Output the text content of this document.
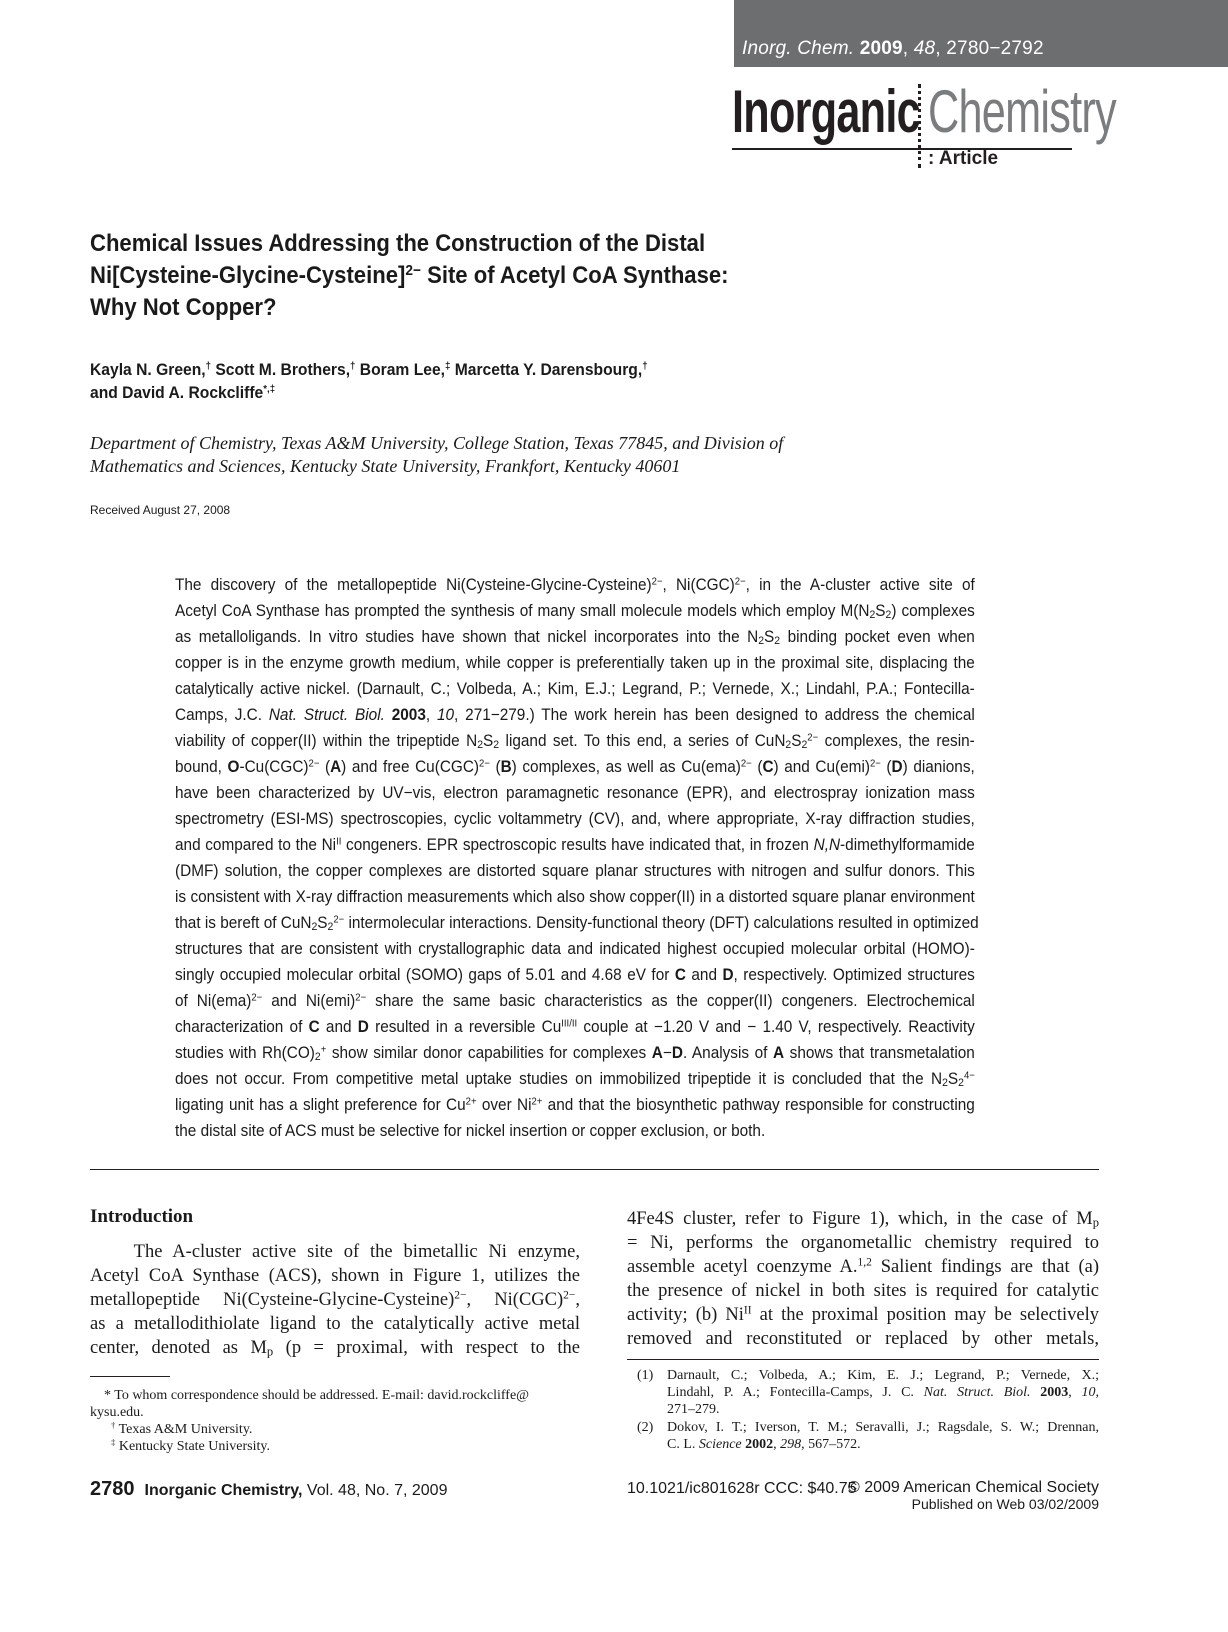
Inorg. Chem. 2009, 48, 2780−2792
Inorganic Chemistry
: Article
Chemical Issues Addressing the Construction of the Distal
Ni[Cysteine-Glycine-Cysteine]$^{2-}$ Site of Acetyl CoA Synthase:
Why Not Copper?
Kayla N. Green,† Scott M. Brothers,† Boram Lee,‡ Marcetta Y. Darensbourg,†
and David A. Rockcliffe*,‡
Department of Chemistry, Texas A&M University, College Station, Texas 77845, and Division of
Mathematics and Sciences, Kentucky State University, Frankfort, Kentucky 40601
Received August 27, 2008
The discovery of the metallopeptide Ni(Cysteine-Glycine-Cysteine)$^{2-}$, Ni(CGC)$^{2-}$, in the A-cluster active site of
Acetyl CoA Synthase has prompted the synthesis of many small molecule models which employ $M(N_2S_2)$ complexes
as metalloligands. In vitro studies have shown that nickel incorporates into the $N_2S_2$ binding pocket even when
copper is in the enzyme growth medium, while copper is preferentially taken up in the proximal site, displacing the
catalytically active nickel. (Darnault, C.; Volbeda, A.; Kim, E.J.; Legrand, P.; Vernede, X.; Lindahl, P.A.; Fontecilla-
Camps, J.C. Nat. Struct. Biol. 2003, 10, 271−279.) The work herein has been designed to address the chemical
viability of copper(II) within the tripeptide $N_2S_2$ ligand set. To this end, a series of $CuN_2S_2^{2-}$ complexes, the resin-
bound, O-Cu(CGC)$^{2-}$ (A) and free Cu(CGC)$^{2-}$ (B) complexes, as well as Cu(ema)$^{2-}$ (C) and Cu(emi)$^{2-}$ (D) dianions,
have been characterized by UV−vis, electron paramagnetic resonance (EPR), and electrospray ionization mass
spectrometry (ESI-MS) spectroscopies, cyclic voltammetry (CV), and, where appropriate, X-ray diffraction studies,
and compared to the $Ni^{II}$ congeners. EPR spectroscopic results have indicated that, in frozen N,N-dimethylformamide
(DMF) solution, the copper complexes are distorted square planar structures with nitrogen and sulfur donors. This
is consistent with X-ray diffraction measurements which also show copper(II) in a distorted square planar environment
that is bereft of $CuN_2S_2^{2-}$ intermolecular interactions. Density-functional theory (DFT) calculations resulted in optimized
structures that are consistent with crystallographic data and indicated highest occupied molecular orbital (HOMO)-
singly occupied molecular orbital (SOMO) gaps of 5.01 and 4.68 eV for C and D, respectively. Optimized structures
of Ni(ema)$^{2-}$ and Ni(emi)$^{2-}$ share the same basic characteristics as the copper(II) congeners. Electrochemical
characterization of C and D resulted in a reversible $Cu^{III/II}$ couple at −1.20 V and − 1.40 V, respectively. Reactivity
studies with $Rh(CO)_2^+$ show similar donor capabilities for complexes A−D. Analysis of A shows that transmetalation
does not occur. From competitive metal uptake studies on immobilized tripeptide it is concluded that the $N_2S_2^{4-}$
ligating unit has a slight preference for $Cu^{2+}$ over $Ni^{2+}$ and that the biosynthetic pathway responsible for constructing
the distal site of ACS must be selective for nickel insertion or copper exclusion, or both.
Introduction
The A-cluster active site of the bimetallic Ni enzyme,
Acetyl CoA Synthase (ACS), shown in Figure 1, utilizes the
metallopeptide Ni(Cysteine-Glycine-Cysteine)$^{2-}$, Ni(CGC)$^{2-}$,
as a metallodithiolate ligand to the catalytically active metal
center, denoted as $M_p$ (p = proximal, with respect to the
4Fe4S cluster, refer to Figure 1), which, in the case of $M_p$
= Ni, performs the organometallic chemistry required to
assemble acetyl coenzyme A.$^{1,2}$ Salient findings are that (a)
the presence of nickel in both sites is required for catalytic
activity; (b) $Ni^{II}$ at the proximal position may be selectively
removed and reconstituted or replaced by other metals,
* To whom correspondence should be addressed. E-mail: david.rockcliffe@
kysu.edu.
† Texas A&M University.
‡ Kentucky State University.
(1) Darnault, C.; Volbeda, A.; Kim, E. J.; Legrand, P.; Vernede, X.;
Lindahl, P. A.; Fontecilla-Camps, J. C. Nat. Struct. Biol. 2003, 10,
271–279.
(2) Dokov, I. T.; Iverson, T. M.; Seravalli, J.; Ragsdale, S. W.; Drennan,
C. L. Science 2002, 298, 567–572.
2780 Inorganic Chemistry, Vol. 48, No. 7, 2009	10.1021/ic801628r CCC: $40.75
© 2009 American Chemical Society
Published on Web 03/02/2009
